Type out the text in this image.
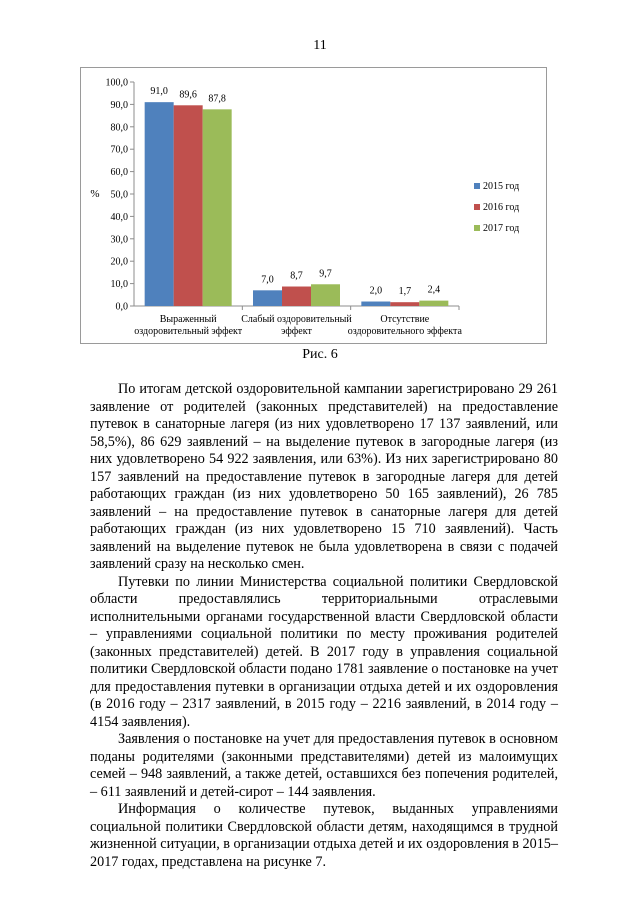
11
0,0
10,0
20,0
30,0
40,0
50,0
60,0
70,0
80,0
90,0
100,0
%
91,0 89,6 87,8
Выраженный
оздоровительный эффект
7,0 8,7 9,7
Слабый оздоровительный
эффект
2,0 1,7 2,4
Отсутствие
оздоровительного эффекта
2015 год
2016 год
2017 год
Рис. 6

По итогам детской оздоровительной кампании зарегистрировано 29 261 заявление от родителей (законных представителей) на предоставление путевок в санаторные лагеря (из них удовлетворено 17 137 заявлений, или 58,5%), 86 629 заявлений – на выделение путевок в загородные лагеря (из них удовлетворено 54 922 заявления, или 63%). Из них зарегистрировано 80 157 заявлений на предоставление путевок в загородные лагеря для детей работающих граждан (из них удовлетворено 50 165 заявлений), 26 785 заявлений – на предоставление путевок в санаторные лагеря для детей работающих граждан (из них удовлетворено 15 710 заявлений). Часть заявлений на выделение путевок не была удовлетворена в связи с подачей заявлений сразу на несколько смен.

Путевки по линии Министерства социальной политики Свердловской области предоставлялись территориальными отраслевыми исполнительными органами государственной власти Свердловской области – управлениями социальной политики по месту проживания родителей (законных представителей) детей. В 2017 году в управления социальной политики Свердловской области подано 1781 заявление о постановке на учет для предоставления путевки в организации отдыха детей и их оздоровления (в 2016 году – 2317 заявлений, в 2015 году – 2216 заявлений, в 2014 году – 4154 заявления).

Заявления о постановке на учет для предоставления путевок в основном поданы родителями (законными представителями) детей из малоимущих семей – 948 заявлений, а также детей, оставшихся без попечения родителей, – 611 заявлений и детей-сирот – 144 заявления.

Информация о количестве путевок, выданных управлениями социальной политики Свердловской области детям, находящимся в трудной жизненной ситуации, в организации отдыха детей и их оздоровления в 2015–2017 годах, представлена на рисунке 7.
